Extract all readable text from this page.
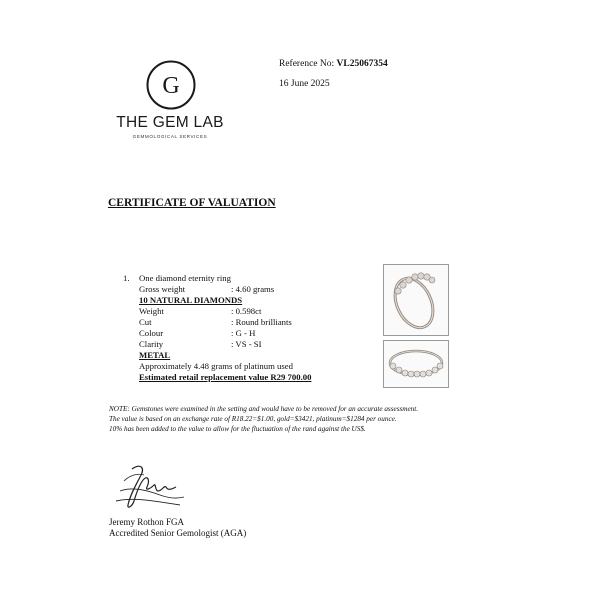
G
THE GEM LAB
GEMMOLOGICAL SERVICES
Reference No: VL25067354
16 June 2025
CERTIFICATE OF VALUATION
1. One diamond eternity ring
Gross weight	: 4.60 grams
10 NATURAL DIAMONDS
Weight	: 0.598ct
Cut	: Round brilliants
Colour	: G - H
Clarity	: VS - SI
METAL
Approximately 4.48 grams of platinum used
Estimated retail replacement value R29 700.00
NOTE: Gemstones were examined in the setting and would have to be removed for an accurate assessment.
The value is based on an exchange rate of R18.22=$1.00, gold=$3421, platinum=$1284 per ounce.
10% has been added to the value to allow for the fluctuation of the rand against the US$.
Jeremy Rothon FGA
Accredited Senior Gemologist (AGA)
